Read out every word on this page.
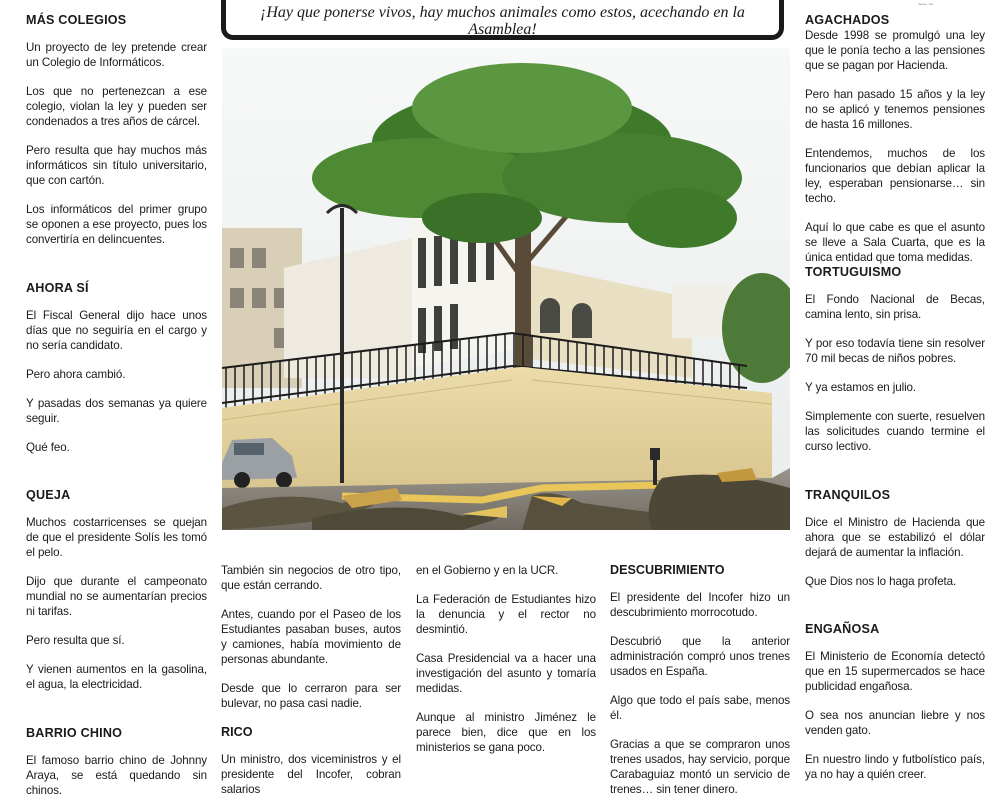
¡Hay que ponerse vivos, hay muchos animales como estos, acechando en la Asamblea!
~~ ~
MÁS COLEGIOS

Un proyecto de ley pretende crear un Colegio de Informáticos.

Los que no pertenezcan a ese colegio, violan la ley y pueden ser condenados a tres años de cárcel.

Pero resulta que hay muchos más informáticos sin título universitario, que con cartón.

Los informáticos del primer grupo se oponen a ese proyecto, pues los convertiría en delincuentes.

AHORA SÍ

El Fiscal General dijo hace unos días que no seguiría en el cargo y no sería candidato.

Pero ahora cambió.

Y pasadas dos semanas ya quiere seguir.

Qué feo.

QUEJA

Muchos costarricenses se quejan de que el presidente Solís les tomó el pelo.

Dijo que durante el campeonato mundial no se aumentarían precios ni tarifas.

Pero resulta que sí.

Y vienen aumentos en la gasolina, el agua, la electricidad.

BARRIO CHINO

El famoso barrio chino de Johnny Araya, se está quedando sin chinos.

AGACHADOS

Desde 1998 se promulgó una ley que le ponía techo a las pensiones que se pagan por Hacienda.

Pero han pasado 15 años y la ley no se aplicó y tenemos pensiones de hasta 16 millones.

Entendemos, muchos de los funcionarios que debían aplicar la ley, esperaban pensionarse… sin techo.

Aquí lo que cabe es que el asunto se lleve a Sala Cuarta, que es la única entidad que toma medidas.

TORTUGUISMO

El Fondo Nacional de Becas, camina lento, sin prisa.

Y por eso todavía tiene sin resolver 70 mil becas de niños pobres.

Y ya estamos en julio.

Simplemente con suerte, resuelven las solicitudes cuando termine el curso lectivo.

TRANQUILOS

Dice el Ministro de Hacienda que ahora que se estabilizó el dólar dejará de aumentar la inflación.

Que Dios nos lo haga profeta.

ENGAÑOSA

El Ministerio de Economía detectó que en 15 supermercados se hace publicidad engañosa.

O sea nos anuncian liebre y nos venden gato.

En nuestro lindo y futbolístico país, ya no hay a quién creer.

También sin negocios de otro tipo, que están cerrando.

Antes, cuando por el Paseo de los Estudiantes pasaban buses, autos y camiones, había movimiento de personas abundante.

Desde que lo cerraron para ser bulevar, no pasa casi nadie.

RICO

Un ministro, dos viceministros y el presidente del Incofer, cobran salarios

en el Gobierno y en la UCR.

La Federación de Estudiantes hizo la denuncia y el rector no desmintió.

Casa Presidencial va a hacer una investigación del asunto y tomaría medidas.

Aunque al ministro Jiménez le parece bien, dice que en los ministerios se gana poco.

DESCUBRIMIENTO

El presidente del Incofer hizo un descubrimiento morrocotudo.

Descubrió que la anterior administración compró unos trenes usados en España.

Algo que todo el país sabe, menos él.

Gracias a que se compraron unos trenes usados, hay servicio, porque Carabaguiaz montó un servicio de trenes… sin tener dinero.
